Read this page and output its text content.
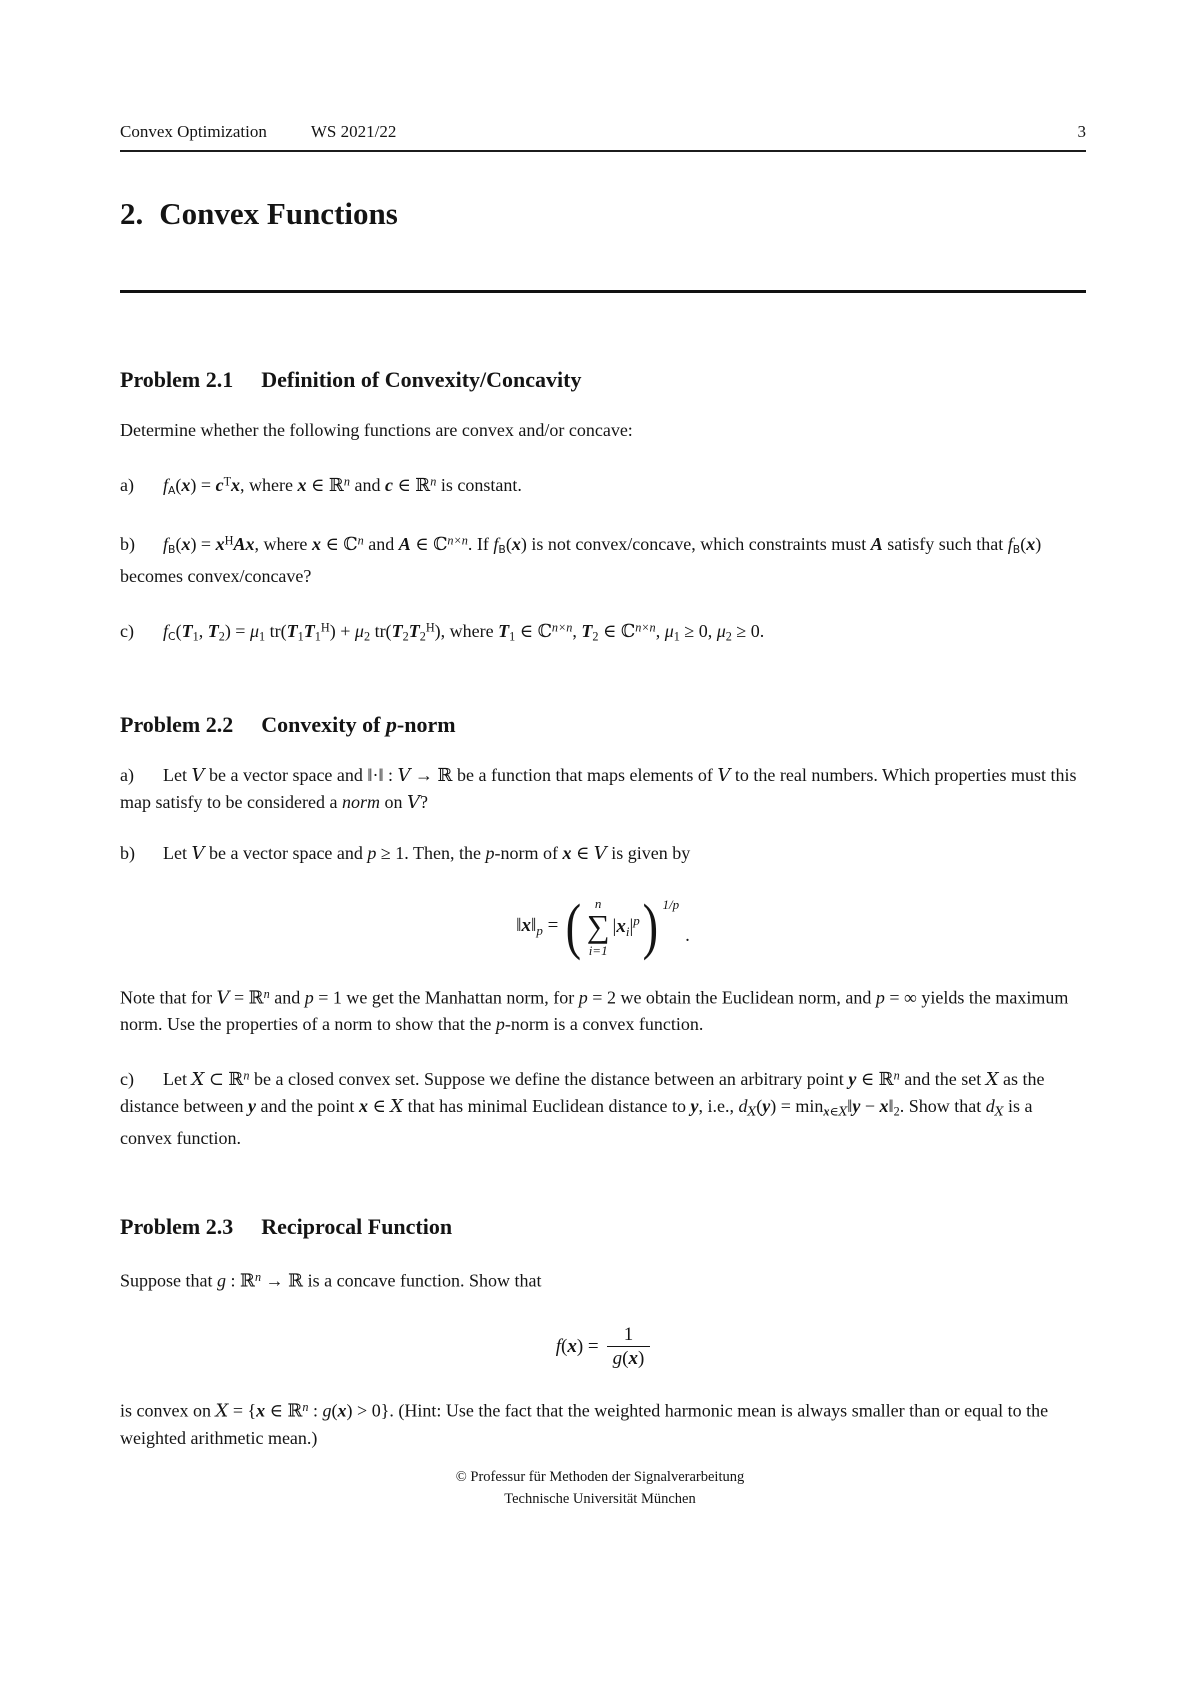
Convex Optimization	WS 2021/22	3
2. Convex Functions
Problem 2.1 Definition of Convexity/Concavity

Determine whether the following functions are convex and/or concave:

a) $fA(x) = c^Tx$, where x ∈ ℝ$^n$ and c ∈ ℝ$^n$ is constant.

b) $fB(x) = x^HAx$, where x ∈ ℂ$^n$ and A ∈ ℂ$^{n\times n}$. If fB(x) is not convex/concave, which constraints must A satisfy such that fB(x) becomes convex/concave?

c) fC(T1, T2) = μ1 $tr(T1T1^H) + \mu 2$ $tr(T2T2^H)$, where T1 ∈ ℂ$^{n\times n}$, T2 ∈ ℂ$^{n\times n}$, μ1 ≥ 0, μ2 ≥ 0.

Problem 2.2 Convexity of p-norm

a) Let V be a vector space and ‖·‖ : V → ℝ be a function that maps elements of V to the real numbers. Which properties must this map satisfy to be considered a norm on V?

b) Let V be a vector space and p ≥ 1. Then, the p-norm of x ∈ V is given by

$‖x‖_p$ = ( n
∑
i=1
$|x_i|^p$ ) 1/p
.

Note that for V = ℝ$^n$ and p = 1 we get the Manhattan norm, for p = 2 we obtain the Euclidean norm, and p = ∞ yields the maximum norm. Use the properties of a norm to show that the p-norm is a convex function.

c) Let X ⊂ ℝ$^n$ be a closed convex set. Suppose we define the distance between an arbitrary point y ∈ ℝ$^n$ and the set X as the distance between y and the point x ∈ X that has minimal Euclidean distance to y, i.e., dX(y) = minx∈X‖y − x‖2. Show that dX is a convex function.

Problem 2.3 Reciprocal Function

Suppose that g : ℝ$^n$ → ℝ is a concave function. Show that

$f(x) = \frac{1}{g(x)}$

is convex on X = {x ∈ ℝ$^n$ : g(x) > 0}. (Hint: Use the fact that the weighted harmonic mean is always smaller than or equal to the weighted arithmetic mean.)

© Professur für Methoden der Signalverarbeitung
Technische Universität München
